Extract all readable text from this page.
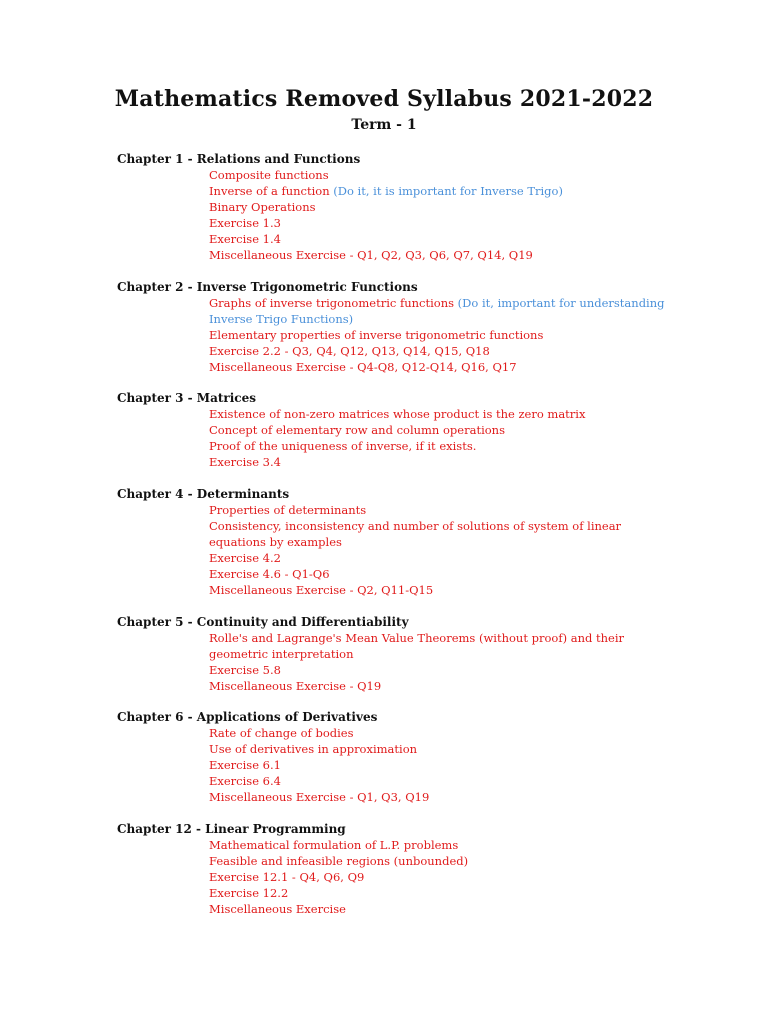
Mathematics Removed Syllabus 2021-2022
Term - 1
Chapter 1 - Relations and Functions
Composite functions
Inverse of a function (Do it, it is important for Inverse Trigo)
Binary Operations
Exercise 1.3
Exercise 1.4
Miscellaneous Exercise - Q1, Q2, Q3, Q6, Q7, Q14, Q19
Chapter 2 - Inverse Trigonometric Functions
Graphs of inverse trigonometric functions (Do it, important for understanding Inverse Trigo Functions)
Elementary properties of inverse trigonometric functions
Exercise 2.2 - Q3, Q4, Q12, Q13, Q14, Q15, Q18
Miscellaneous Exercise - Q4-Q8, Q12-Q14, Q16, Q17
Chapter 3 - Matrices
Existence of non-zero matrices whose product is the zero matrix
Concept of elementary row and column operations
Proof of the uniqueness of inverse, if it exists.
Exercise 3.4
Chapter 4 - Determinants
Properties of determinants
Consistency, inconsistency and number of solutions of system of linear equations by examples
Exercise 4.2
Exercise 4.6 - Q1-Q6
Miscellaneous Exercise - Q2, Q11-Q15
Chapter 5 - Continuity and Differentiability
Rolle's and Lagrange's Mean Value Theorems (without proof) and their geometric interpretation
Exercise 5.8
Miscellaneous Exercise - Q19
Chapter 6 - Applications of Derivatives
Rate of change of bodies
Use of derivatives in approximation
Exercise 6.1
Exercise 6.4
Miscellaneous Exercise - Q1, Q3, Q19
Chapter 12 - Linear Programming
Mathematical formulation of L.P. problems
Feasible and infeasible regions (unbounded)
Exercise 12.1 - Q4, Q6, Q9
Exercise 12.2
Miscellaneous Exercise
